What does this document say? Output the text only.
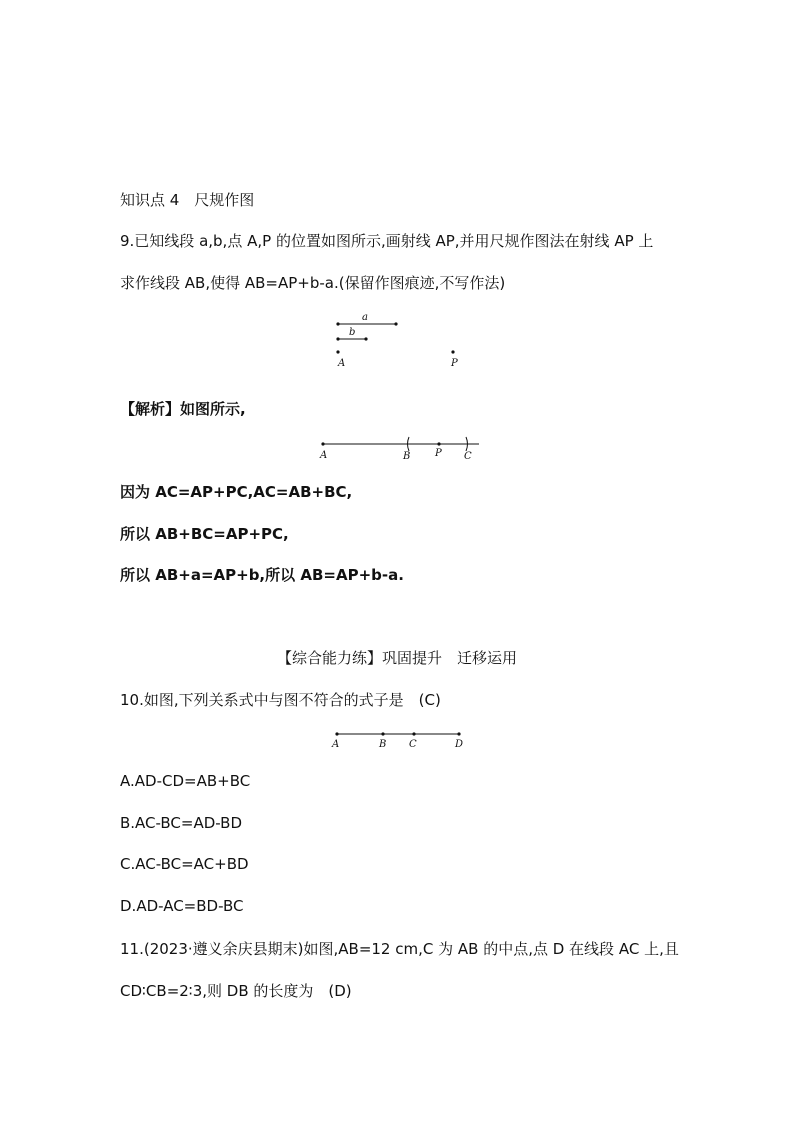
知识点 4　尺规作图
9.已知线段 a,b,点 A,P 的位置如图所示,画射线 AP,并用尺规作图法在射线 AP 上
求作线段 AB,使得 AB=AP+b-a.(保留作图痕迹,不写作法)
a
b
A	P
【解析】如图所示,
A	B P C
因为 AC=AP+PC,AC=AB+BC,
所以 AB+BC=AP+PC,
所以 AB+a=AP+b,所以 AB=AP+b-a.
【综合能力练】巩固提升　迁移运用
10.如图,下列关系式中与图不符合的式子是　(C)
A	B C	D
A.AD-CD=AB+BC
B.AC-BC=AD-BD
C.AC-BC=AC+BD
D.AD-AC=BD-BC
11.(2023·遵义余庆县期末)如图,AB=12 cm,C 为 AB 的中点,点 D 在线段 AC 上,且
CD∶CB=2∶3,则 DB 的长度为　(D)
